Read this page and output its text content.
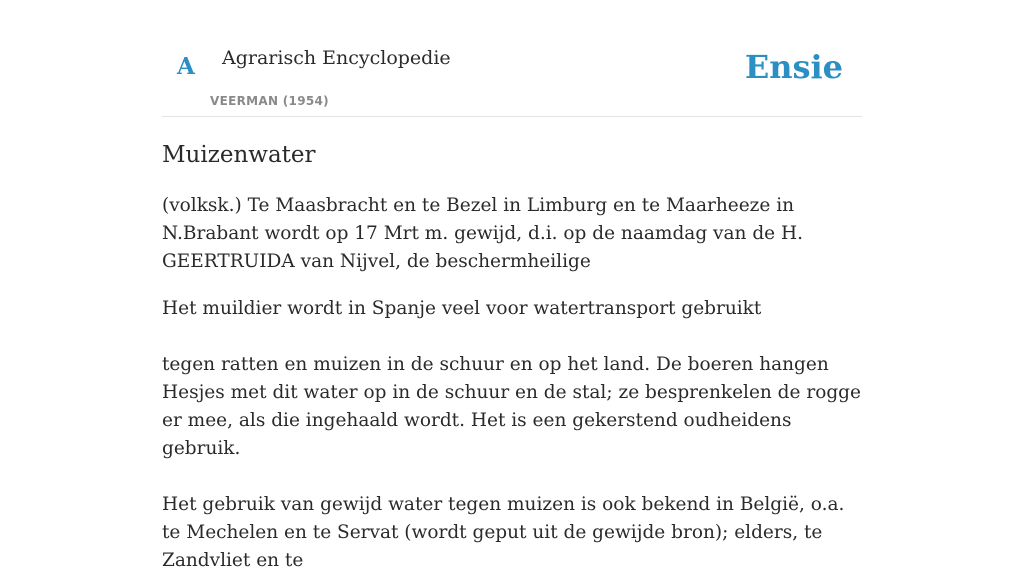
A Agrarisch Encyclopedie
VEERMAN (1954)
Ensie
Muizenwater

(volksk.) Te Maasbracht en te Bezel in Limburg en te Maarheeze in N.Brabant wordt op 17 Mrt m. gewijd, d.i. op de naamdag van de H. GEERTRUIDA van Nijvel, de beschermheilige

Het muildier wordt in Spanje veel voor watertransport gebruikt

tegen ratten en muizen in de schuur en op het land. De boeren hangen Hesjes met dit water op in de schuur en de stal; ze besprenkelen de rogge er mee, als die ingehaald wordt. Het is een gekerstend oudheidens gebruik.

Het gebruik van gewijd water tegen muizen is ook bekend in België, o.a. te Mechelen en te Servat (wordt geput uit de gewijde bron); elders, te Zandvliet en te
